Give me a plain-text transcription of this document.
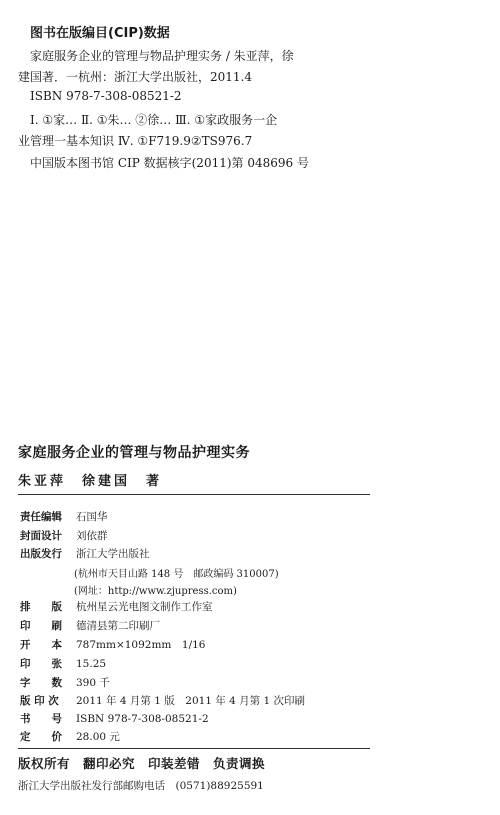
图书在版编目(CIP)数据
家庭服务企业的管理与物品护理实务 / 朱亚萍，徐
建国著．一杭州：浙江大学出版社，2011.4
ISBN 978-7-308-08521-2
Ⅰ. ①家… Ⅱ. ①朱… ②徐… Ⅲ. ①家政服务一企
业管理一基本知识 Ⅳ. ①F719.9②TS976.7
中国版本图书馆 CIP 数据核字(2011)第 048696 号
家庭服务企业的管理与物品护理实务
朱亚萍　徐建国　著
责任编辑 石国华
封面设计 刘依群
出版发行 浙江大学出版社
(杭州市天目山路 148 号　邮政编码 310007)
(网址：http://www.zjupress.com)
排　　版 杭州星云光电图文制作工作室
印　　刷 德清县第二印刷厂
开　　本 787mm×1092mm　1/16
印　　张 15.25
字　　数 390 千
版 印 次 2011 年 4 月第 1 版　2011 年 4 月第 1 次印刷
书　　号 ISBN 978-7-308-08521-2
定　　价 28.00 元
版权所有　翻印必究　印装差错　负责调换
浙江大学出版社发行部邮购电话　(0571)88925591
